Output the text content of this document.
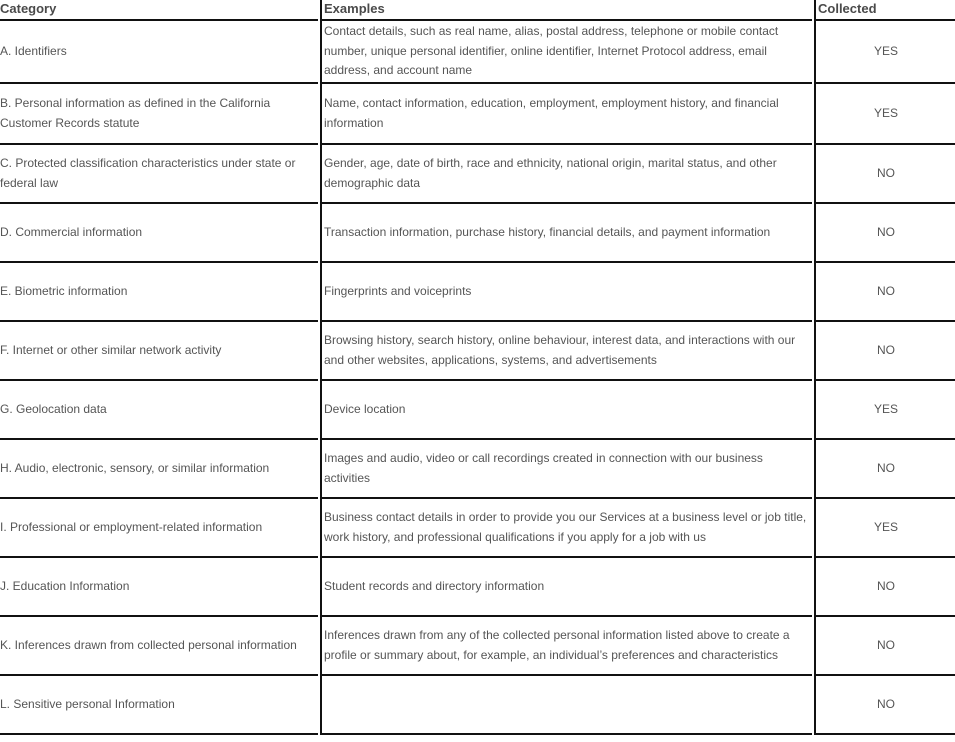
Category	Examples	Collected
A. Identifiers	Contact details, such as real name, alias, postal address, telephone or mobile contact number, unique personal identifier, online identifier, Internet Protocol address, email address, and account name	YES
B. Personal information as defined in the California Customer Records statute	Name, contact information, education, employment, employment history, and financial information	YES
C. Protected classification characteristics under state or federal law	Gender, age, date of birth, race and ethnicity, national origin, marital status, and other demographic data	NO
D. Commercial information	Transaction information, purchase history, financial details, and payment information	NO
E. Biometric information	Fingerprints and voiceprints	NO
F. Internet or other similar network activity	Browsing history, search history, online behaviour, interest data, and interactions with our and other websites, applications, systems, and advertisements	NO
G. Geolocation data	Device location	YES
H. Audio, electronic, sensory, or similar information	Images and audio, video or call recordings created in connection with our business activities	NO
I. Professional or employment-related information	Business contact details in order to provide you our Services at a business level or job title, work history, and professional qualifications if you apply for a job with us	YES
J. Education Information	Student records and directory information	NO
K. Inferences drawn from collected personal information	Inferences drawn from any of the collected personal information listed above to create a profile or summary about, for example, an individual’s preferences and characteristics	NO
L. Sensitive personal Information		NO
